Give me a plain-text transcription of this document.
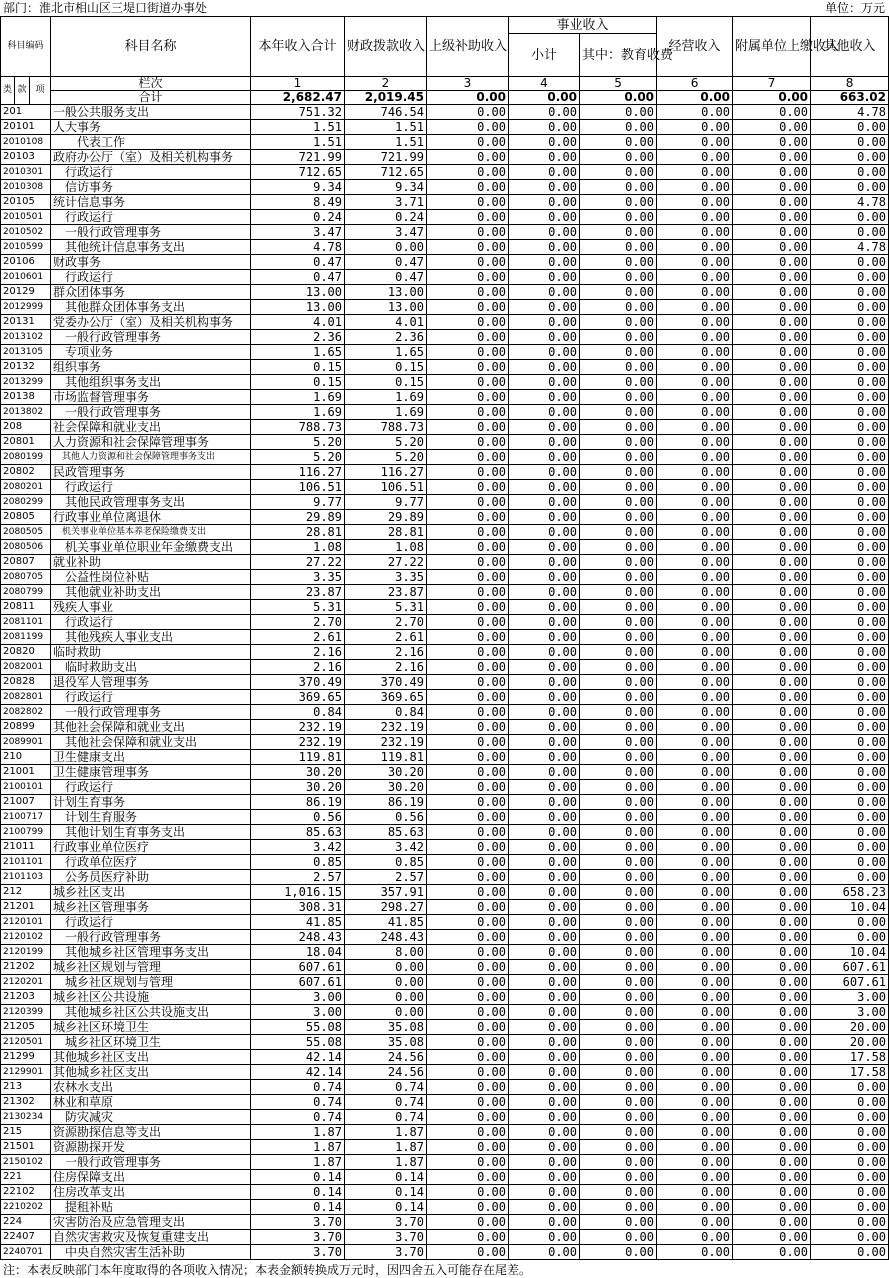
部门：淮北市相山区三堤口街道办事处	单位：万元
科目编码			科目名称	本年收入合计	财政拨款收入	上级补助收入	事业收入		经营收入	附属单位上缴收入	其他收入
							小计	其中：教育收费			
类	款	项	栏次	1	2	3	4	5	6	7	8
			合计	2,682.47	2,019.45	0.00	0.00	0.00	0.00	0.00	663.02
201			一般公共服务支出	751.32	746.54	0.00	0.00	0.00	0.00	0.00	4.78
20101			人大事务	1.51	1.51	0.00	0.00	0.00	0.00	0.00	0.00
2010108			　　代表工作	1.51	1.51	0.00	0.00	0.00	0.00	0.00	0.00
20103			政府办公厅（室）及相关机构事务	721.99	721.99	0.00	0.00	0.00	0.00	0.00	0.00
2010301			　行政运行	712.65	712.65	0.00	0.00	0.00	0.00	0.00	0.00
2010308			　信访事务	9.34	9.34	0.00	0.00	0.00	0.00	0.00	0.00
20105			统计信息事务	8.49	3.71	0.00	0.00	0.00	0.00	0.00	4.78
2010501			　行政运行	0.24	0.24	0.00	0.00	0.00	0.00	0.00	0.00
2010502			　一般行政管理事务	3.47	3.47	0.00	0.00	0.00	0.00	0.00	0.00
2010599			　其他统计信息事务支出	4.78	0.00	0.00	0.00	0.00	0.00	0.00	4.78
20106			财政事务	0.47	0.47	0.00	0.00	0.00	0.00	0.00	0.00
2010601			　行政运行	0.47	0.47	0.00	0.00	0.00	0.00	0.00	0.00
20129			群众团体事务	13.00	13.00	0.00	0.00	0.00	0.00	0.00	0.00
2012999			　其他群众团体事务支出	13.00	13.00	0.00	0.00	0.00	0.00	0.00	0.00
20131			党委办公厅（室）及相关机构事务	4.01	4.01	0.00	0.00	0.00	0.00	0.00	0.00
2013102			　一般行政管理事务	2.36	2.36	0.00	0.00	0.00	0.00	0.00	0.00
2013105			　专项业务	1.65	1.65	0.00	0.00	0.00	0.00	0.00	0.00
20132			组织事务	0.15	0.15	0.00	0.00	0.00	0.00	0.00	0.00
2013299			　其他组织事务支出	0.15	0.15	0.00	0.00	0.00	0.00	0.00	0.00
20138			市场监督管理事务	1.69	1.69	0.00	0.00	0.00	0.00	0.00	0.00
2013802			　一般行政管理事务	1.69	1.69	0.00	0.00	0.00	0.00	0.00	0.00
208			社会保障和就业支出	788.73	788.73	0.00	0.00	0.00	0.00	0.00	0.00
20801			人力资源和社会保障管理事务	5.20	5.20	0.00	0.00	0.00	0.00	0.00	0.00
2080199			　其他人力资源和社会保障管理事务支出	5.20	5.20	0.00	0.00	0.00	0.00	0.00	0.00
20802			民政管理事务	116.27	116.27	0.00	0.00	0.00	0.00	0.00	0.00
2080201			　行政运行	106.51	106.51	0.00	0.00	0.00	0.00	0.00	0.00
2080299			　其他民政管理事务支出	9.77	9.77	0.00	0.00	0.00	0.00	0.00	0.00
20805			行政事业单位离退休	29.89	29.89	0.00	0.00	0.00	0.00	0.00	0.00
2080505			　机关事业单位基本养老保险缴费支出	28.81	28.81	0.00	0.00	0.00	0.00	0.00	0.00
2080506			　机关事业单位职业年金缴费支出	1.08	1.08	0.00	0.00	0.00	0.00	0.00	0.00
20807			就业补助	27.22	27.22	0.00	0.00	0.00	0.00	0.00	0.00
2080705			　公益性岗位补贴	3.35	3.35	0.00	0.00	0.00	0.00	0.00	0.00
2080799			　其他就业补助支出	23.87	23.87	0.00	0.00	0.00	0.00	0.00	0.00
20811			残疾人事业	5.31	5.31	0.00	0.00	0.00	0.00	0.00	0.00
2081101			　行政运行	2.70	2.70	0.00	0.00	0.00	0.00	0.00	0.00
2081199			　其他残疾人事业支出	2.61	2.61	0.00	0.00	0.00	0.00	0.00	0.00
20820			临时救助	2.16	2.16	0.00	0.00	0.00	0.00	0.00	0.00
2082001			　临时救助支出	2.16	2.16	0.00	0.00	0.00	0.00	0.00	0.00
20828			退役军人管理事务	370.49	370.49	0.00	0.00	0.00	0.00	0.00	0.00
2082801			　行政运行	369.65	369.65	0.00	0.00	0.00	0.00	0.00	0.00
2082802			　一般行政管理事务	0.84	0.84	0.00	0.00	0.00	0.00	0.00	0.00
20899			其他社会保障和就业支出	232.19	232.19	0.00	0.00	0.00	0.00	0.00	0.00
2089901			　其他社会保障和就业支出	232.19	232.19	0.00	0.00	0.00	0.00	0.00	0.00
210			卫生健康支出	119.81	119.81	0.00	0.00	0.00	0.00	0.00	0.00
21001			卫生健康管理事务	30.20	30.20	0.00	0.00	0.00	0.00	0.00	0.00
2100101			　行政运行	30.20	30.20	0.00	0.00	0.00	0.00	0.00	0.00
21007			计划生育事务	86.19	86.19	0.00	0.00	0.00	0.00	0.00	0.00
2100717			　计划生育服务	0.56	0.56	0.00	0.00	0.00	0.00	0.00	0.00
2100799			　其他计划生育事务支出	85.63	85.63	0.00	0.00	0.00	0.00	0.00	0.00
21011			行政事业单位医疗	3.42	3.42	0.00	0.00	0.00	0.00	0.00	0.00
2101101			　行政单位医疗	0.85	0.85	0.00	0.00	0.00	0.00	0.00	0.00
2101103			　公务员医疗补助	2.57	2.57	0.00	0.00	0.00	0.00	0.00	0.00
212			城乡社区支出	1,016.15	357.91	0.00	0.00	0.00	0.00	0.00	658.23
21201			城乡社区管理事务	308.31	298.27	0.00	0.00	0.00	0.00	0.00	10.04
2120101			　行政运行	41.85	41.85	0.00	0.00	0.00	0.00	0.00	0.00
2120102			　一般行政管理事务	248.43	248.43	0.00	0.00	0.00	0.00	0.00	0.00
2120199			　其他城乡社区管理事务支出	18.04	8.00	0.00	0.00	0.00	0.00	0.00	10.04
21202			城乡社区规划与管理	607.61	0.00	0.00	0.00	0.00	0.00	0.00	607.61
2120201			　城乡社区规划与管理	607.61	0.00	0.00	0.00	0.00	0.00	0.00	607.61
21203			城乡社区公共设施	3.00	0.00	0.00	0.00	0.00	0.00	0.00	3.00
2120399			　其他城乡社区公共设施支出	3.00	0.00	0.00	0.00	0.00	0.00	0.00	3.00
21205			城乡社区环境卫生	55.08	35.08	0.00	0.00	0.00	0.00	0.00	20.00
2120501			　城乡社区环境卫生	55.08	35.08	0.00	0.00	0.00	0.00	0.00	20.00
21299			其他城乡社区支出	42.14	24.56	0.00	0.00	0.00	0.00	0.00	17.58
2129901			其他城乡社区支出	42.14	24.56	0.00	0.00	0.00	0.00	0.00	17.58
213			农林水支出	0.74	0.74	0.00	0.00	0.00	0.00	0.00	0.00
21302			林业和草原	0.74	0.74	0.00	0.00	0.00	0.00	0.00	0.00
2130234			　防灾减灾	0.74	0.74	0.00	0.00	0.00	0.00	0.00	0.00
215			资源勘探信息等支出	1.87	1.87	0.00	0.00	0.00	0.00	0.00	0.00
21501			资源勘探开发	1.87	1.87	0.00	0.00	0.00	0.00	0.00	0.00
2150102			　一般行政管理事务	1.87	1.87	0.00	0.00	0.00	0.00	0.00	0.00
221			住房保障支出	0.14	0.14	0.00	0.00	0.00	0.00	0.00	0.00
22102			住房改革支出	0.14	0.14	0.00	0.00	0.00	0.00	0.00	0.00
2210202			　提租补贴	0.14	0.14	0.00	0.00	0.00	0.00	0.00	0.00
224			灾害防治及应急管理支出	3.70	3.70	0.00	0.00	0.00	0.00	0.00	0.00
22407			自然灾害救灾及恢复重建支出	3.70	3.70	0.00	0.00	0.00	0.00	0.00	0.00
2240701			　中央自然灾害生活补助	3.70	3.70	0.00	0.00	0.00	0.00	0.00	0.00
注：本表反映部门本年度取得的各项收入情况；本表金额转换成万元时，因四舍五入可能存在尾差。
